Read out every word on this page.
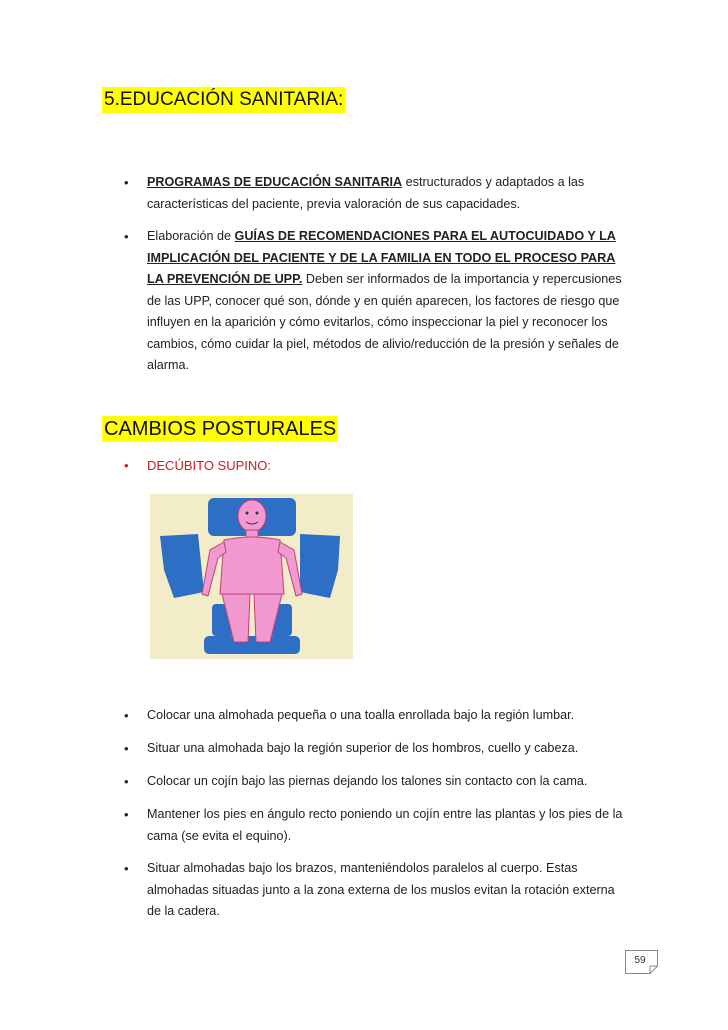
5.EDUCACIÓN SANITARIA:
• PROGRAMAS DE EDUCACIÓN SANITARIA estructurados y adaptados a las características del paciente, previa valoración de sus capacidades.
• Elaboración de GUÍAS DE RECOMENDACIONES PARA EL AUTOCUIDADO Y LA IMPLICACIÓN DEL PACIENTE Y DE LA FAMILIA EN TODO EL PROCESO PARA LA PREVENCIÓN DE UPP. Deben ser informados de la importancia y repercusiones de las UPP, conocer qué son, dónde y en quién aparecen, los factores de riesgo que influyen en la aparición y cómo evitarlos, cómo inspeccionar la piel y reconocer los cambios, cómo cuidar la piel, métodos de alivio/reducción de la presión y señales de alarma.
CAMBIOS POSTURALES
• DECÚBITO SUPINO:
• Colocar una almohada pequeña o una toalla enrollada bajo la región lumbar.
• Situar una almohada bajo la región superior de los hombros, cuello y cabeza.
• Colocar un cojín bajo las piernas dejando los talones sin contacto con la cama.
• Mantener los pies en ángulo recto poniendo un cojín entre las plantas y los pies de la cama (se evita el equino).
• Situar almohadas bajo los brazos, manteniéndolos paralelos al cuerpo. Estas almohadas situadas junto a la zona externa de los muslos evitan la rotación externa de la cadera.
59
